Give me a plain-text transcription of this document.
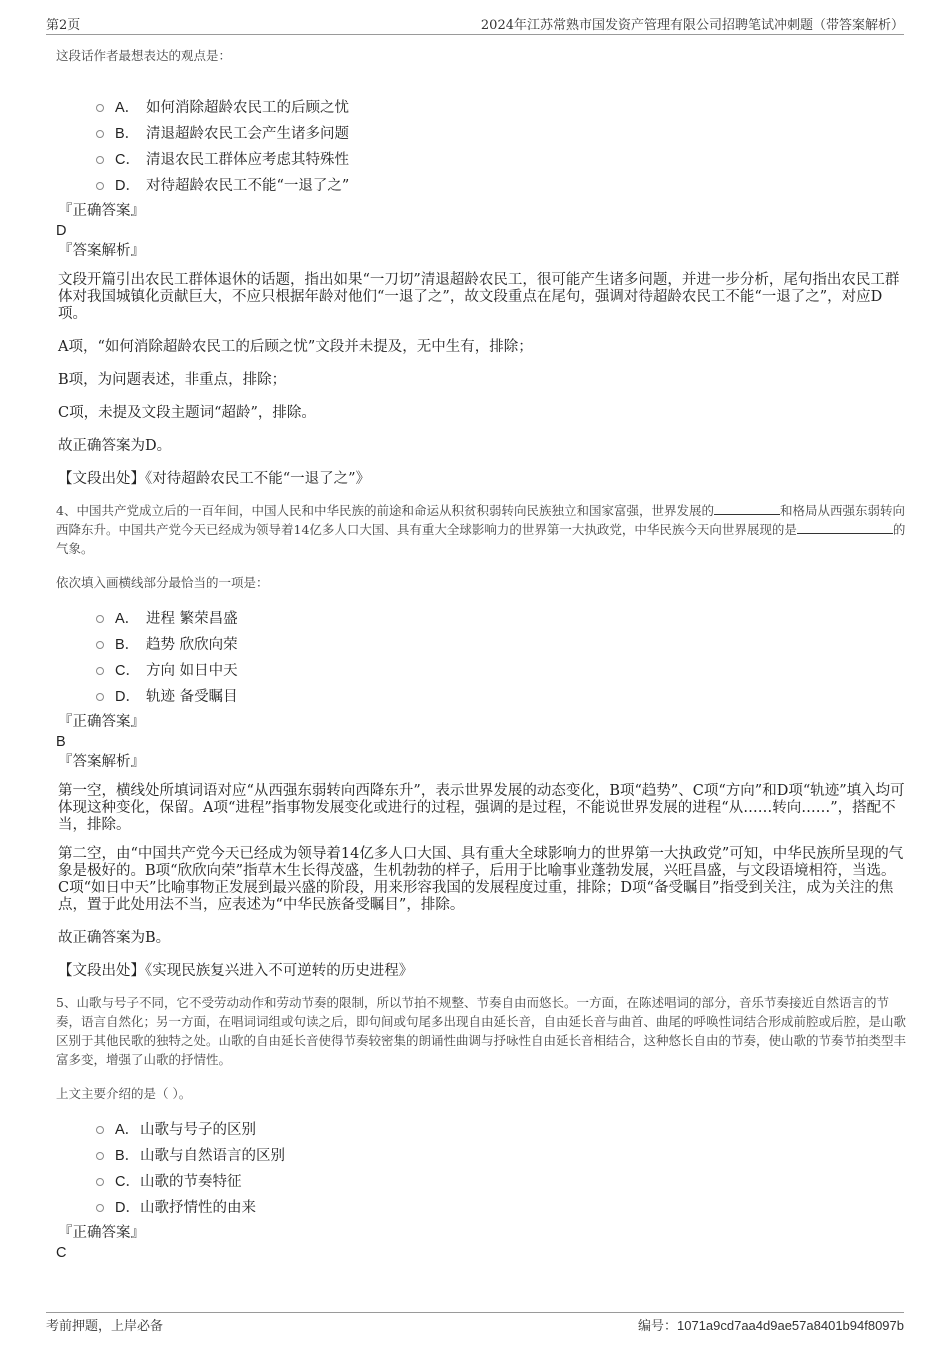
第2页	2024年江苏常熟市国发资产管理有限公司招聘笔试冲刺题（带答案解析）
这段话作者最想表达的观点是：
A． 如何消除超龄农民工的后顾之忧
B． 清退超龄农民工会产生诸多问题
C． 清退农民工群体应考虑其特殊性
D． 对待超龄农民工不能“一退了之”
『正确答案』
D
『答案解析』

文段开篇引出农民工群体退休的话题，指出如果“一刀切”清退超龄农民工，很可能产生诸多问题，并进一步分析，尾句指出农民工群体对我国城镇化贡献巨大，不应只根据年龄对他们“一退了之”，故文段重点在尾句，强调对待超龄农民工不能“一退了之”，对应D项。

A项，“如何消除超龄农民工的后顾之忧”文段并未提及，无中生有，排除；

B项，为问题表述，非重点，排除；

C项，未提及文段主题词“超龄”，排除。

故正确答案为D。

【文段出处】《对待超龄农民工不能“一退了之”》
4、中国共产党成立后的一百年间，中国人民和中华民族的前途和命运从积贫积弱转向民族独立和国家富强，世界发展的	和格局从西强东弱转向西降东升。中国共产党今天已经成为领导着14亿多人口大国、具有重大全球影响力的世界第一大执政党，中华民族今天向世界展现的是	的气象。
依次填入画横线部分最恰当的一项是：
A． 进程 繁荣昌盛
B． 趋势 欣欣向荣
C． 方向 如日中天
D． 轨迹 备受瞩目
『正确答案』
B
『答案解析』

第一空，横线处所填词语对应“从西强东弱转向西降东升”，表示世界发展的动态变化，B项“趋势”、C项“方向”和D项“轨迹”填入均可体现这种变化，保留。A项“进程”指事物发展变化或进行的过程，强调的是过程，不能说世界发展的进程“从……转向……”，搭配不当，排除。

第二空，由“中国共产党今天已经成为领导着14亿多人口大国、具有重大全球影响力的世界第一大执政党”可知，中华民族所呈现的气象是极好的。B项“欣欣向荣”指草木生长得茂盛，生机勃勃的样子，后用于比喻事业蓬勃发展，兴旺昌盛，与文段语境相符，当选。C项“如日中天”比喻事物正发展到最兴盛的阶段，用来形容我国的发展程度过重，排除；D项“备受瞩目”指受到关注，成为关注的焦点，置于此处用法不当，应表述为“中华民族备受瞩目”，排除。

故正确答案为B。

【文段出处】《实现民族复兴进入不可逆转的历史进程》
5、山歌与号子不同，它不受劳动动作和劳动节奏的限制，所以节拍不规整、节奏自由而悠长。一方面，在陈述唱词的部分，音乐节奏接近自然语言的节奏，语言自然化；另一方面，在唱词词组或句读之后，即句间或句尾多出现自由延长音，自由延长音与曲首、曲尾的呼唤性词结合形成前腔或后腔，是山歌区别于其他民歌的独特之处。山歌的自由延长音使得节奏较密集的朗诵性曲调与抒咏性自由延长音相结合，这种悠长自由的节奏，使山歌的节奏节拍类型丰富多变，增强了山歌的抒情性。
上文主要介绍的是（ ）。
A． 山歌与号子的区别
B． 山歌与自然语言的区别
C． 山歌的节奏特征
D． 山歌抒情性的由来
『正确答案』
C
考前押题，上岸必备	编号：1071a9cd7aa4d9ae57a8401b94f8097b
